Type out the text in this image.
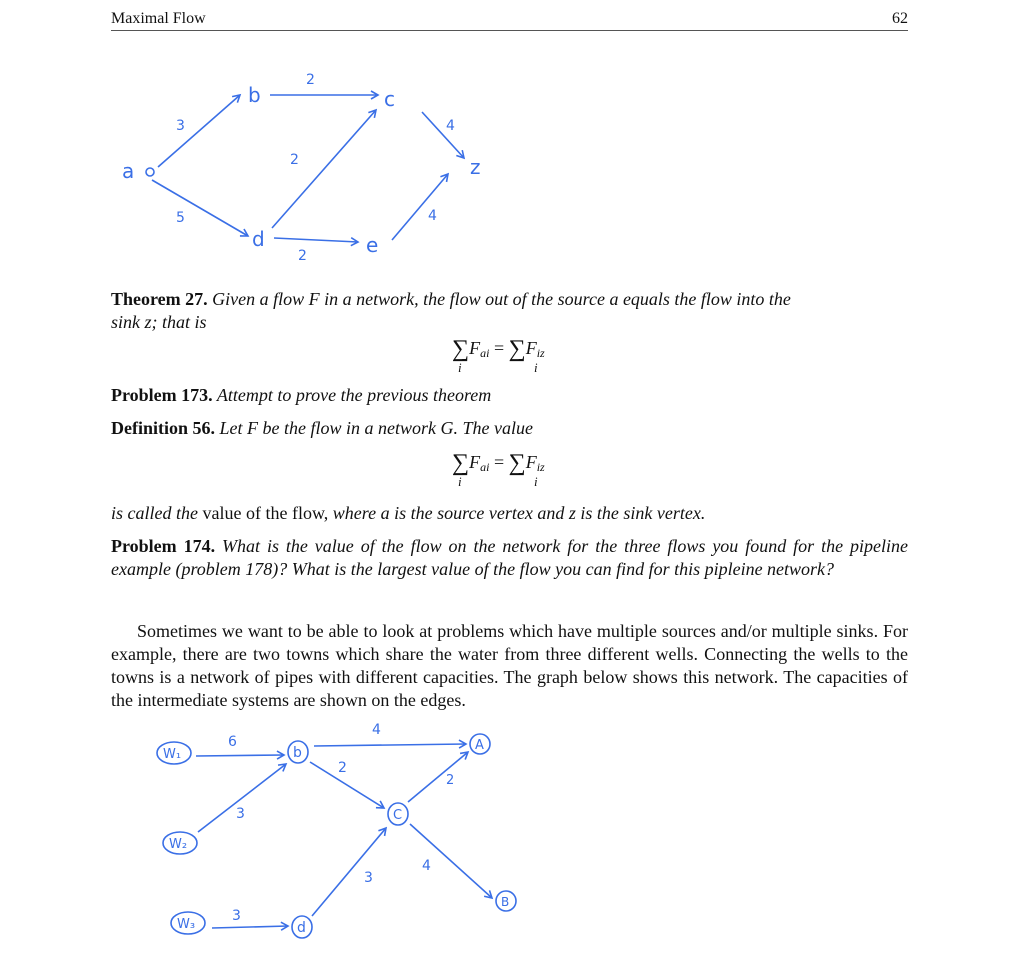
Maximal Flow	62
a
b	c
d	e
z
3
2
2
4
5
2
4
Theorem 27. Given a flow F in a network, the flow out of the source a equals the flow into the
sink z; that is
∑Fai = ∑Fiz
i	i
Problem 173. Attempt to prove the previous theorem
Definition 56. Let F be the flow in a network G. The value
∑Fai = ∑Fiz
i	i
is called the value of the flow, where a is the source vertex and z is the sink vertex.
Problem 174. What is the value of the flow on the network for the three flows you found for the pipeline example (problem 178)? What is the largest value of the flow you can find for this pipleine network?
Sometimes we want to be able to look at problems which have multiple sources and/or multiple sinks. For example, there are two towns which share the water from three different wells. Connecting the wells to the towns is a network of pipes with different capacities. The graph below shows this network. The capacities of the intermediate systems are shown on the edges.
W₁
W₂
W₃
b
C
d
A
B
6
3
3
4
2
2
3
4
